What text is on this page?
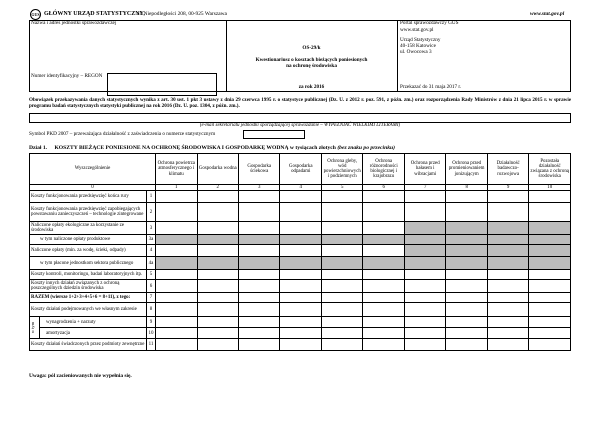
GUS GŁÓWNY URZĄD STATYSTYCZNY,
al. Niepodległości 208, 00-925 Warszawa	www.stat.gov.pl
Nazwa i adres jednostki sprawozdawczej
Numer identyfikacyjny – REGON
OS-29/k
Kwestionariusz o kosztach bieżących poniesionych
na ochronę środowiska
za rok 2016
Portal sprawozdawczy GUS
www.stat.gov.pl
Urząd Statystyczny
40-158 Katowice
ul. Owocowa 3
Przekazać do 31 maja 2017 r.
Obowiązek przekazywania danych statystycznych wynika z art. 30 ust. 1 pkt 3 ustawy z dnia 29 czerwca 1995 r. o statystyce publicznej (Dz. U. z 2012 r. poz. 591, z późn. zm.) oraz rozporządzenia Rady Ministrów z dnia 21 lipca 2015 r. w sprawie programu badań statystycznych statystyki publicznej na rok 2016 (Dz. U. poz. 1304, z późn. zm.).
(e-mail sekretariatu jednostki sporządzającej sprawozdanie – WYPEŁNIAĆ WIELKIMI LITERAMI)
Symbol PKD 2007 – przeważająca działalność z zaświadczenia o numerze statystycznym
Dział 1. KOSZTY BIEŻĄCE PONIESIONE NA OCHRONĘ ŚRODOWISKA I GOSPODARKĘ WODNĄ w tysiącach złotych (bez znaku po przecinku)
Wyszczególnienie			Ochrona powietrza atmosferycznego i klimatu	Gospodarka wodna	Gospodarka ściekowa	Gospodarka odpadami	Ochrona gleby, wód powierzchniowych i podziemnych	Ochrona różnorodności biologicznej i krajobrazu	Ochrona przed hałasem i wibracjami	Ochrona przed promieniowaniem jonizującym	Działalność badawczo-rozwojowa	Pozostała działalność związana z ochroną środowiska
0			1	2	3	4	5	6	7	8	9	10
Koszty funkcjonowania przedsięwzięć końca rury		1										
Koszty funkcjonowania przedsięwzięć zapobiegających powstawaniu zanieczyszczeń – technologie zintegrowane		2										
Naliczone opłaty ekologiczne za korzystanie ze środowiska		3										
w tym naliczone opłaty produktowe		3a										
Naliczone opłaty (min. za wodę, ścieki, odpady)		4										
w tym płacone jednostkom sektora publicznego		4a										
Koszty kontroli, monitoringu, badań laboratoryjnych itp.		5										
Koszty innych działań związanych z ochroną poszczególnych dziedzin środowiska		6										
RAZEM (wiersze 1+2+3+4+5+6 = 8+11), z tego:		7										
Koszty działań podejmowanych we własnym zakresie		8										

w tym	wynagrodzenia + narzuty	9										
	amortyzacja	10										
Koszty działań świadczonych przez podmioty zewnętrzne		11										
Uwaga: pól zacieniowanych nie wypełnia się.
